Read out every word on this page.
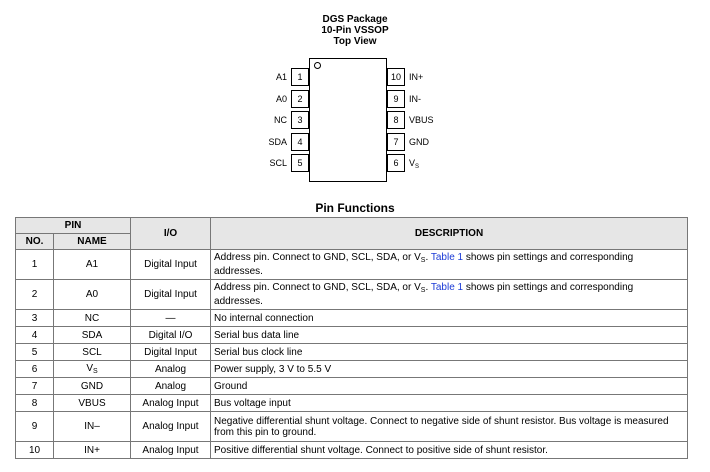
DGS Package
10-Pin VSSOP
Top View
A1	1
A0	2
NC	3
SDA	4
SCL	5
10 IN+
9	IN-
8	VBUS
7	GND
6	$V_S$
Pin Functions
PIN		I/O	DESCRIPTION
NO.	NAME		
1	A1	Digital Input	Address pin. Connect to GND, SCL, SDA, or $V_S$. Table 1 shows pin settings and corresponding addresses.
2	A0	Digital Input	Address pin. Connect to GND, SCL, SDA, or $V_S$. Table 1 shows pin settings and corresponding addresses.
3	NC	—	No internal connection
4	SDA	Digital I/O	Serial bus data line
5	SCL	Digital Input	Serial bus clock line
6	$V_S$	Analog	Power supply, 3 V to 5.5 V
7	GND	Analog	Ground
8	VBUS	Analog Input	Bus voltage input
9	IN–	Analog Input	Negative differential shunt voltage. Connect to negative side of shunt resistor. Bus voltage is measured from this pin to ground.
10	IN+	Analog Input	Positive differential shunt voltage. Connect to positive side of shunt resistor.
